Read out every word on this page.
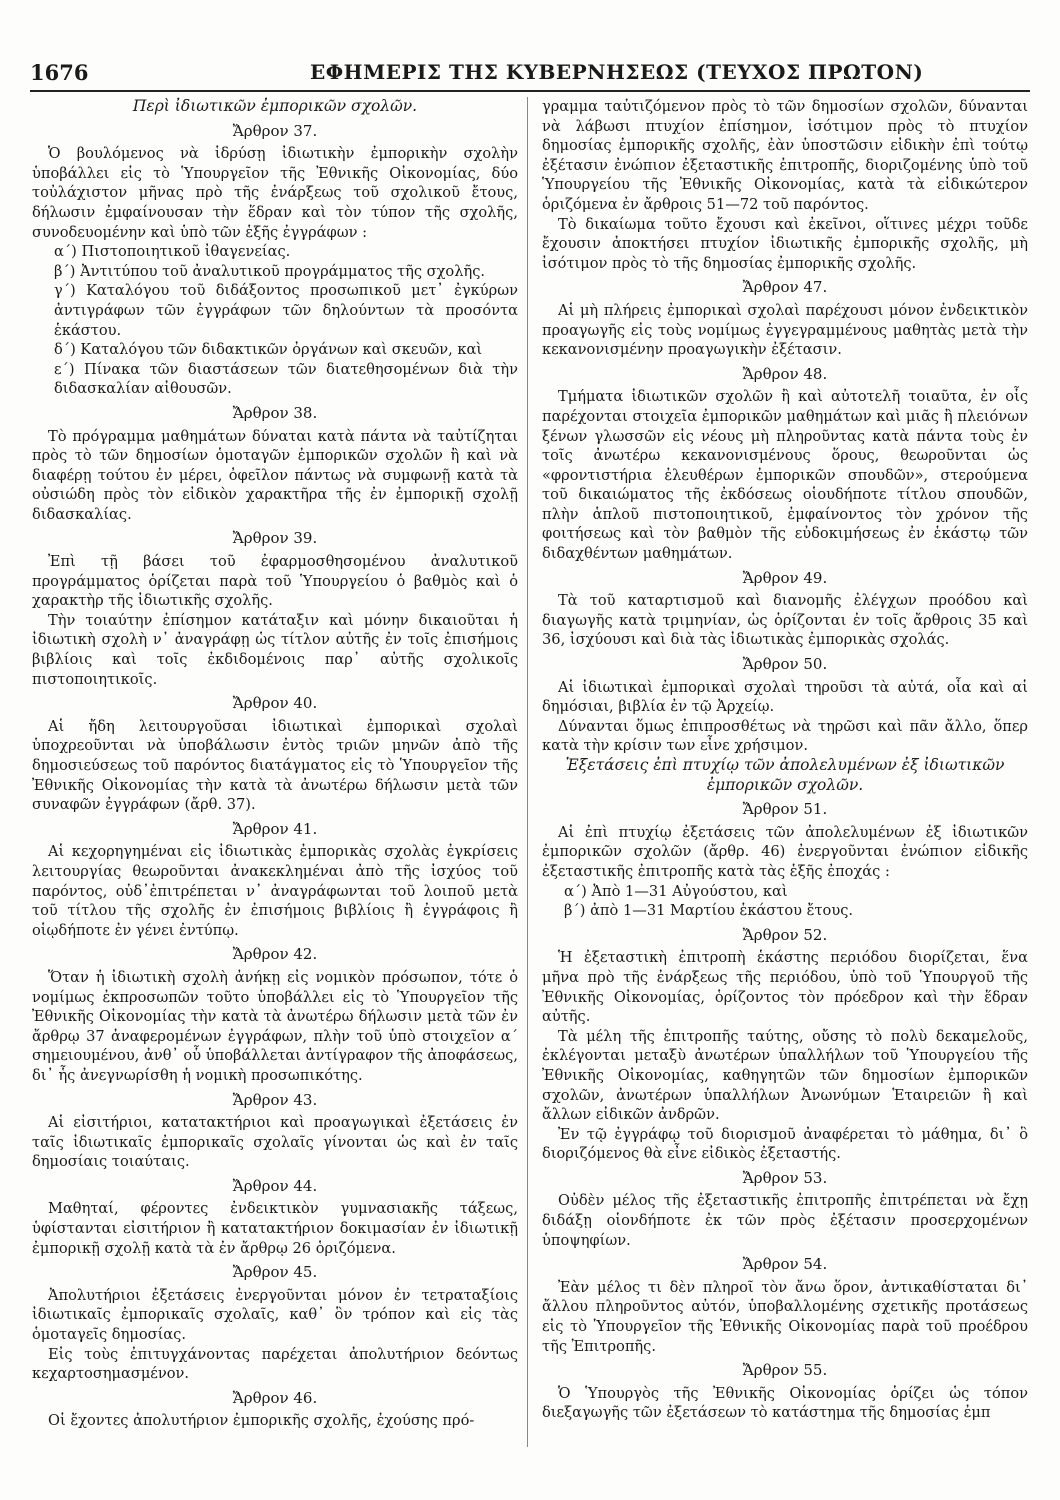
1676	ΕΦΗΜΕΡΙΣ ΤΗΣ ΚΥΒΕΡΝΗΣΕΩΣ (ΤΕΥΧΟΣ ΠΡΩΤΟΝ)

Περὶ ἰδιωτικῶν ἐμπορικῶν σχολῶν.

Ἄρθρον 37.

Ὁ βουλόμενος νὰ ἱδρύσῃ ἰδιωτικὴν ἐμπορικὴν σχολὴν ὑποβάλλει εἰς τὸ Ὑπουργεῖον τῆς Ἐθνικῆς Οἰκονομίας, δύο τοὐλάχιστον μῆνας πρὸ τῆς ἐνάρξεως τοῦ σχολικοῦ ἔτους, δήλωσιν ἐμφαίνουσαν τὴν ἕδραν καὶ τὸν τύπον τῆς σχολῆς, συνοδευομένην καὶ ὑπὸ τῶν ἑξῆς ἐγγράφων :

α΄) Πιστοποιητικοῦ ἰθαγενείας.

β΄) Ἀντιτύπου τοῦ ἀναλυτικοῦ προγράμματος τῆς σχολῆς.

γ΄) Καταλόγου τοῦ διδάξοντος προσωπικοῦ μετ᾽ ἐγκύρων ἀντιγράφων τῶν ἐγγράφων τῶν δηλούντων τὰ προσόντα ἑκάστου.

δ΄) Καταλόγου τῶν διδακτικῶν ὀργάνων καὶ σκευῶν, καὶ

ε΄) Πίνακα τῶν διαστάσεων τῶν διατεθησομένων διὰ τὴν διδασκαλίαν αἰθουσῶν.

Ἄρθρον 38.

Τὸ πρόγραμμα μαθημάτων δύναται κατὰ πάντα νὰ ταὐτίζηται πρὸς τὸ τῶν δημοσίων ὁμοταγῶν ἐμπορικῶν σχολῶν ἢ καὶ νὰ διαφέρῃ τούτου ἐν μέρει, ὀφεῖλον πάντως νὰ συμφωνῇ κατὰ τὰ οὐσιώδη πρὸς τὸν εἰδικὸν χαρακτῆρα τῆς ἐν ἐμπορικῇ σχολῇ διδασκαλίας.

Ἄρθρον 39.

Ἐπὶ τῇ βάσει τοῦ ἐφαρμοσθησομένου ἀναλυτικοῦ προγράμματος ὁρίζεται παρὰ τοῦ Ὑπουργείου ὁ βαθμὸς καὶ ὁ χαρακτὴρ τῆς ἰδιωτικῆς σχολῆς.

Τὴν τοιαύτην ἐπίσημον κατάταξιν καὶ μόνην δικαιοῦται ἡ ἰδιωτικὴ σχολὴ ν᾽ ἀναγράφῃ ὡς τίτλον αὐτῆς ἐν τοῖς ἐπισήμοις βιβλίοις καὶ τοῖς ἐκδιδομένοις παρ᾽ αὐτῆς σχολικοῖς πιστοποιητικοῖς.

Ἄρθρον 40.

Αἱ ἤδη λειτουργοῦσαι ἰδιωτικαὶ ἐμπορικαὶ σχολαὶ ὑποχρεοῦνται νὰ ὑποβάλωσιν ἐντὸς τριῶν μηνῶν ἀπὸ τῆς δημοσιεύσεως τοῦ παρόντος διατάγματος εἰς τὸ Ὑπουργεῖον τῆς Ἐθνικῆς Οἰκονομίας τὴν κατὰ τὰ ἀνωτέρω δήλωσιν μετὰ τῶν συναφῶν ἐγγράφων (ἄρθ. 37).

Ἄρθρον 41.

Αἱ κεχορηγημέναι εἰς ἰδιωτικὰς ἐμπορικὰς σχολὰς ἐγκρίσεις λειτουργίας θεωροῦνται ἀνακεκλημέναι ἀπὸ τῆς ἰσχύος τοῦ παρόντος, οὐδ᾽ἐπιτρέπεται ν᾽ ἀναγράφωνται τοῦ λοιποῦ μετὰ τοῦ τίτλου τῆς σχολῆς ἐν ἐπισήμοις βιβλίοις ἢ ἐγγράφοις ἢ οἱῳδήποτε ἐν γένει ἐντύπῳ.

Ἄρθρον 42.

Ὅταν ἡ ἰδιωτικὴ σχολὴ ἀνήκῃ εἰς νομικὸν πρόσωπον, τότε ὁ νομίμως ἐκπροσωπῶν τοῦτο ὑποβάλλει εἰς τὸ Ὑπουργεῖον τῆς Ἐθνικῆς Οἰκονομίας τὴν κατὰ τὰ ἀνωτέρω δήλωσιν μετὰ τῶν ἐν ἄρθρῳ 37 ἀναφερομένων ἐγγράφων, πλὴν τοῦ ὑπὸ στοιχεῖον α΄ σημειουμένου, ἀνθ᾽ οὗ ὑποβάλλεται ἀντίγραφον τῆς ἀποφάσεως, δι᾽ ἧς ἀνεγνωρίσθη ἡ νομικὴ προσωπικότης.

Ἄρθρον 43.

Αἱ εἰσιτήριοι, κατατακτήριοι καὶ προαγωγικαὶ ἐξετάσεις ἐν ταῖς ἰδιωτικαῖς ἐμπορικαῖς σχολαῖς γίνονται ὡς καὶ ἐν ταῖς δημοσίαις τοιαύταις.

Ἄρθρον 44.

Μαθηταί, φέροντες ἐνδεικτικὸν γυμνασιακῆς τάξεως, ὑφίστανται εἰσιτήριον ἢ κατατακτήριον δοκιμασίαν ἐν ἰδιωτικῇ ἐμπορικῇ σχολῇ κατὰ τὰ ἐν ἄρθρῳ 26 ὁριζόμενα.

Ἄρθρον 45.

Ἀπολυτήριοι ἐξετάσεις ἐνεργοῦνται μόνον ἐν τετραταξίοις ἰδιωτικαῖς ἐμπορικαῖς σχολαῖς, καθ᾽ ὃν τρόπον καὶ εἰς τὰς ὁμοταγεῖς δημοσίας.

Εἰς τοὺς ἐπιτυγχάνοντας παρέχεται ἀπολυτήριον δεόντως κεχαρτοσημασμένον.

Ἄρθρον 46.

Οἱ ἔχοντες ἀπολυτήριον ἐμπορικῆς σχολῆς, ἐχούσης πρό-

γραμμα ταὐτιζόμενον πρὸς τὸ τῶν δημοσίων σχολῶν, δύνανται νὰ λάβωσι πτυχίον ἐπίσημον, ἰσότιμον πρὸς τὸ πτυχίον δημοσίας ἐμπορικῆς σχολῆς, ἐὰν ὑποστῶσιν εἰδικὴν ἐπὶ τούτῳ ἐξέτασιν ἐνώπιον ἐξεταστικῆς ἐπιτροπῆς, διοριζομένης ὑπὸ τοῦ Ὑπουργείου τῆς Ἐθνικῆς Οἰκονομίας, κατὰ τὰ εἰδικώτερον ὁριζόμενα ἐν ἄρθροις 51—72 τοῦ παρόντος.

Τὸ δικαίωμα τοῦτο ἔχουσι καὶ ἐκεῖνοι, οἵτινες μέχρι τοῦδε ἔχουσιν ἀποκτήσει πτυχίον ἰδιωτικῆς ἐμπορικῆς σχολῆς, μὴ ἰσότιμον πρὸς τὸ τῆς δημοσίας ἐμπορικῆς σχολῆς.

Ἄρθρον 47.

Αἱ μὴ πλήρεις ἐμπορικαὶ σχολαὶ παρέχουσι μόνον ἐνδεικτικὸν προαγωγῆς εἰς τοὺς νομίμως ἐγγεγραμμένους μαθητὰς μετὰ τὴν κεκανονισμένην προαγωγικὴν ἐξέτασιν.

Ἄρθρον 48.

Τμήματα ἰδιωτικῶν σχολῶν ἢ καὶ αὐτοτελῆ τοιαῦτα, ἐν οἷς παρέχονται στοιχεῖα ἐμπορικῶν μαθημάτων καὶ μιᾶς ἢ πλειόνων ξένων γλωσσῶν εἰς νέους μὴ πληροῦντας κατὰ πάντα τοὺς ἐν τοῖς ἀνωτέρω κεκανονισμένους ὅρους, θεωροῦνται ὡς «φροντιστήρια ἐλευθέρων ἐμπορικῶν σπουδῶν», στερούμενα τοῦ δικαιώματος τῆς ἐκδόσεως οἱουδήποτε τίτλου σπουδῶν, πλὴν ἁπλοῦ πιστοποιητικοῦ, ἐμφαίνοντος τὸν χρόνον τῆς φοιτήσεως καὶ τὸν βαθμὸν τῆς εὐδοκιμήσεως ἐν ἑκάστῳ τῶν διδαχθέντων μαθημάτων.

Ἄρθρον 49.

Τὰ τοῦ καταρτισμοῦ καὶ διανομῆς ἐλέγχων προόδου καὶ διαγωγῆς κατὰ τριμηνίαν, ὡς ὁρίζονται ἐν τοῖς ἄρθροις 35 καὶ 36, ἰσχύουσι καὶ διὰ τὰς ἰδιωτικὰς ἐμπορικὰς σχολάς.

Ἄρθρον 50.

Αἱ ἰδιωτικαὶ ἐμπορικαὶ σχολαὶ τηροῦσι τὰ αὐτά, οἷα καὶ αἱ δημόσιαι, βιβλία ἐν τῷ Ἀρχείῳ.

Δύνανται ὅμως ἐπιπροσθέτως νὰ τηρῶσι καὶ πᾶν ἄλλο, ὅπερ κατὰ τὴν κρίσιν των εἶνε χρήσιμον.

Ἐξετάσεις ἐπὶ πτυχίῳ τῶν ἀπολελυμένων ἐξ ἰδιωτικῶν ἐμπορικῶν σχολῶν.

Ἄρθρον 51.

Αἱ ἐπὶ πτυχίῳ ἐξετάσεις τῶν ἀπολελυμένων ἐξ ἰδιωτικῶν ἐμπορικῶν σχολῶν (ἄρθρ. 46) ἐνεργοῦνται ἐνώπιον εἰδικῆς ἐξεταστικῆς ἐπιτροπῆς κατὰ τὰς ἑξῆς ἐποχάς :

α΄) Ἀπὸ 1—31 Αὐγούστου, καὶ

β΄) ἀπὸ 1—31 Μαρτίου ἑκάστου ἔτους.

Ἄρθρον 52.

Ἡ ἐξεταστικὴ ἐπιτροπὴ ἑκάστης περιόδου διορίζεται, ἕνα μῆνα πρὸ τῆς ἐνάρξεως τῆς περιόδου, ὑπὸ τοῦ Ὑπουργοῦ τῆς Ἐθνικῆς Οἰκονομίας, ὁρίζοντος τὸν πρόεδρον καὶ τὴν ἕδραν αὐτῆς.

Τὰ μέλη τῆς ἐπιτροπῆς ταύτης, οὔσης τὸ πολὺ δεκαμελοῦς, ἐκλέγονται μεταξὺ ἀνωτέρων ὑπαλλήλων τοῦ Ὑπουργείου τῆς Ἐθνικῆς Οἰκονομίας, καθηγητῶν τῶν δημοσίων ἐμπορικῶν σχολῶν, ἀνωτέρων ὑπαλλήλων Ἀνωνύμων Ἑταιρειῶν ἢ καὶ ἄλλων εἰδικῶν ἀνδρῶν.

Ἐν τῷ ἐγγράφῳ τοῦ διορισμοῦ ἀναφέρεται τὸ μάθημα, δι᾽ ὃ διοριζόμενος θὰ εἶνε εἰδικὸς ἐξεταστής.

Ἄρθρον 53.

Οὐδὲν μέλος τῆς ἐξεταστικῆς ἐπιτροπῆς ἐπιτρέπεται νὰ ἔχῃ διδάξῃ οἱονδήποτε ἐκ τῶν πρὸς ἐξέτασιν προσερχομένων ὑποψηφίων.

Ἄρθρον 54.

Ἐὰν μέλος τι δὲν πληροῖ τὸν ἄνω ὅρον, ἀντικαθίσταται δι᾽ ἄλλου πληροῦντος αὐτόν, ὑποβαλλομένης σχετικῆς προτάσεως εἰς τὸ Ὑπουργεῖον τῆς Ἐθνικῆς Οἰκονομίας παρὰ τοῦ προέδρου τῆς Ἐπιτροπῆς.

Ἄρθρον 55.

Ὁ Ὑπουργὸς τῆς Ἐθνικῆς Οἰκονομίας ὁρίζει ὡς τόπον διεξαγωγῆς τῶν ἐξετάσεων τὸ κατάστημα τῆς δημοσίας ἐμπ
